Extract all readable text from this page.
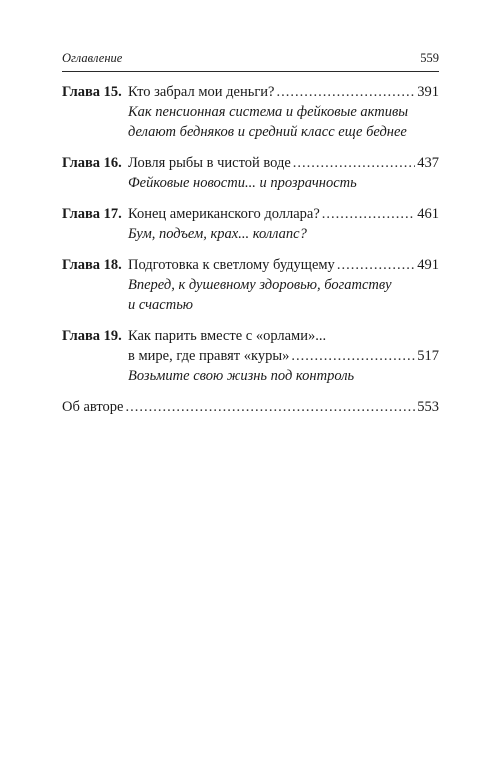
Оглавление	559
Глава 15. Кто забрал мои деньги? .....	391
Как пенсионная система и фейковые активы
делают бедняков и средний класс еще беднее
Глава 16. Ловля рыбы в чистой воде .....	437
Фейковые новости... и прозрачность
Глава 17. Конец американского доллара? .....	461
Бум, подъем, крах... коллапс?
Глава 18. Подготовка к светлому будущему .....	491
Вперед, к душевному здоровью, богатству
и счастью
Глава 19. Как парить вместе с «орлами»...
в мире, где правят «куры» .....	517
Возьмите свою жизнь под контроль
Об авторе .....	553
